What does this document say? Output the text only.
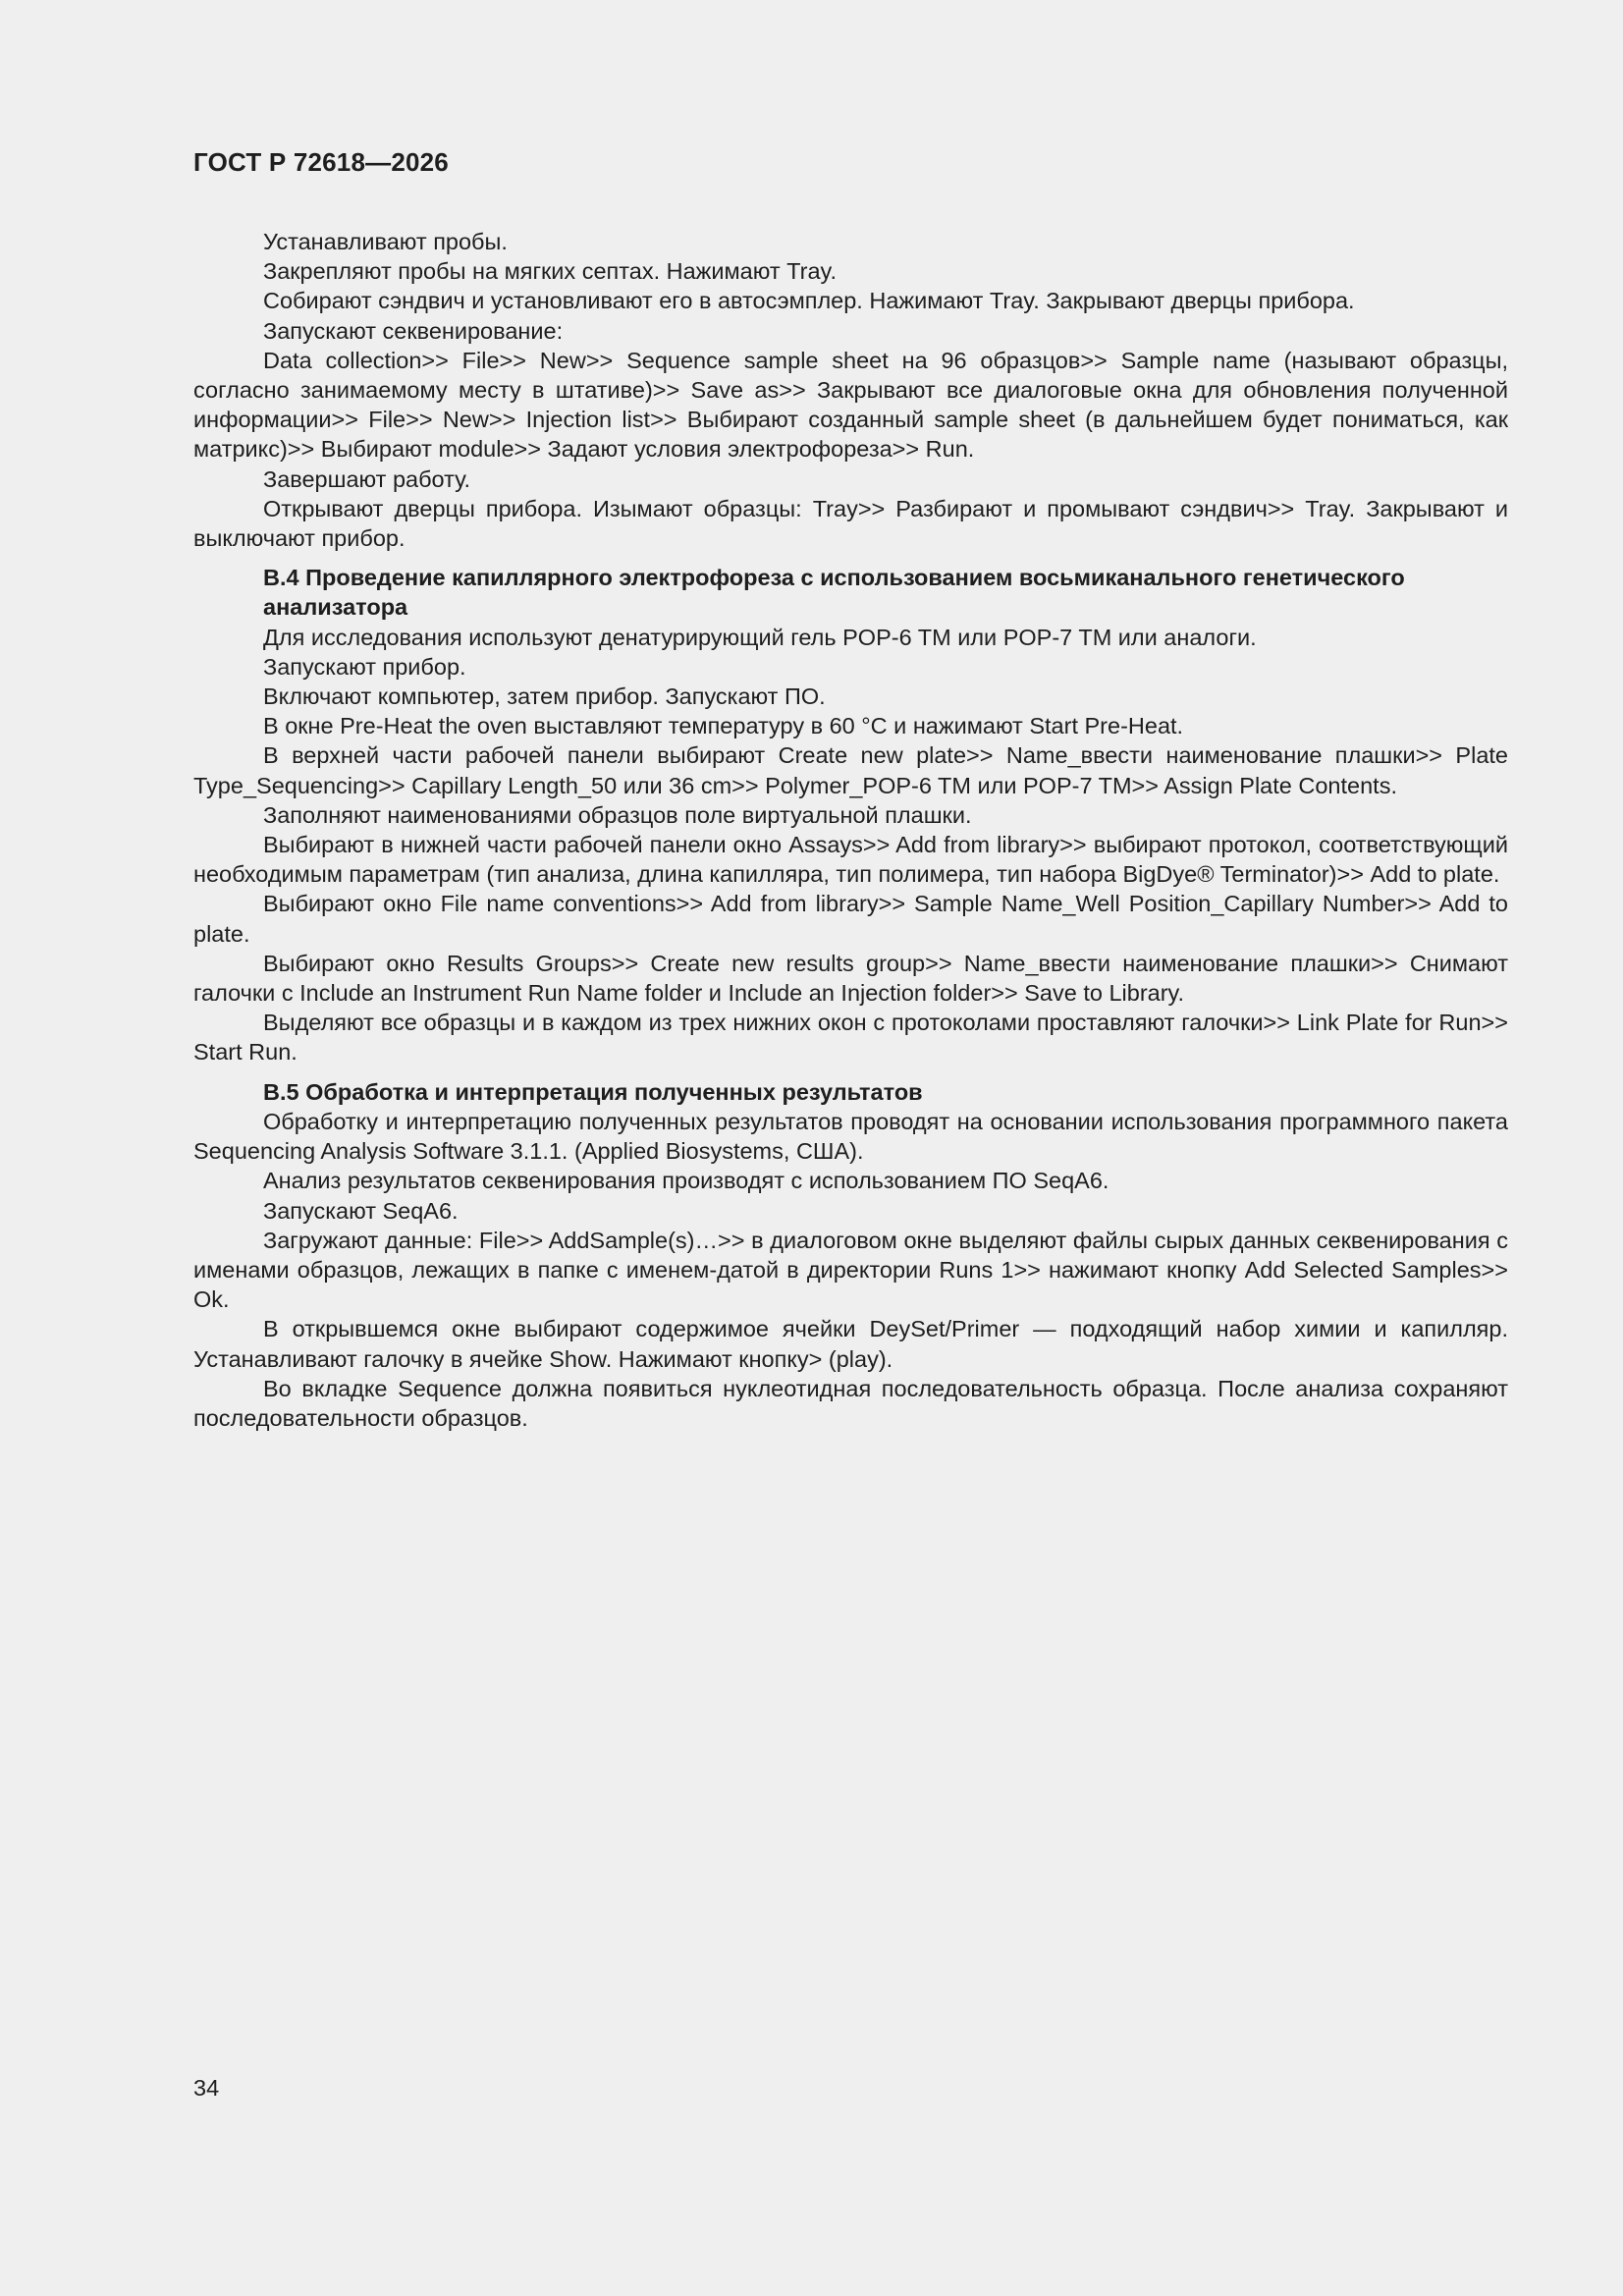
ГОСТ Р 72618—2026

Устанавливают пробы.

Закрепляют пробы на мягких септах. Нажимают Tray.

Собирают сэндвич и установливают его в автосэмплер. Нажимают Tray. Закрывают дверцы прибора.

Запускают секвенирование:

Data collection>> File>> New>> Sequence sample sheet на 96 образцов>> Sample name (называют образцы, согласно занимаемому месту в штативе)>> Save as>> Закрывают все диалоговые окна для обновления полученной информации>> File>> New>> Injection list>> Выбирают созданный sample sheet (в дальнейшем будет пониматься, как матрикс)>> Выбирают module>> Задают условия электрофореза>> Run.

Завершают работу.

Открывают дверцы прибора. Изымают образцы: Tray>> Разбирают и промывают сэндвич>> Tray. Закрывают и выключают прибор.

В.4 Проведение капиллярного электрофореза с использованием восьмиканального генетического анализатора

Для исследования используют денатурирующий гель POP-6 TM или POP-7 TM или аналоги.

Запускают прибор.

Включают компьютер, затем прибор. Запускают ПО.

В окне Pre-Heat the oven выставляют температуру в 60 °C и нажимают Start Pre-Heat.

В верхней части рабочей панели выбирают Create new plate>> Name_ввести наименование плашки>> Plate Type_Sequencing>> Capillary Length_50 или 36 cm>> Polymer_POP-6 TM или POP-7 TM>> Assign Plate Contents.

Заполняют наименованиями образцов поле виртуальной плашки.

Выбирают в нижней части рабочей панели окно Assays>> Add from library>> выбирают протокол, соответствующий необходимым параметрам (тип анализа, длина капилляра, тип полимера, тип набора BigDye® Terminator)>> Add to plate.

Выбирают окно File name conventions>> Add from library>> Sample Name_Well Position_Capillary Number>> Add to plate.

Выбирают окно Results Groups>> Create new results group>> Name_ввести наименование плашки>> Снимают галочки с Include an Instrument Run Name folder и Include an Injection folder>> Save to Library.

Выделяют все образцы и в каждом из трех нижних окон с протоколами проставляют галочки>> Link Plate for Run>> Start Run.

В.5 Обработка и интерпретация полученных результатов

Обработку и интерпретацию полученных результатов проводят на основании использования программного пакета Sequencing Analysis Software 3.1.1. (Applied Biosystems, США).

Анализ результатов секвенирования производят с использованием ПО SeqA6.

Запускают SeqA6.

Загружают данные: File>> AddSample(s)…>> в диалоговом окне выделяют файлы сырых данных секвенирования с именами образцов, лежащих в папке с именем-датой в директории Runs 1>> нажимают кнопку Add Selected Samples>> Ok.

В открывшемся окне выбирают содержимое ячейки DeySet/Primer — подходящий набор химии и капилляр. Устанавливают галочку в ячейке Show. Нажимают кнопку> (play).

Во вкладке Sequence должна появиться нуклеотидная последовательность образца. После анализа сохраняют последовательности образцов.

34
